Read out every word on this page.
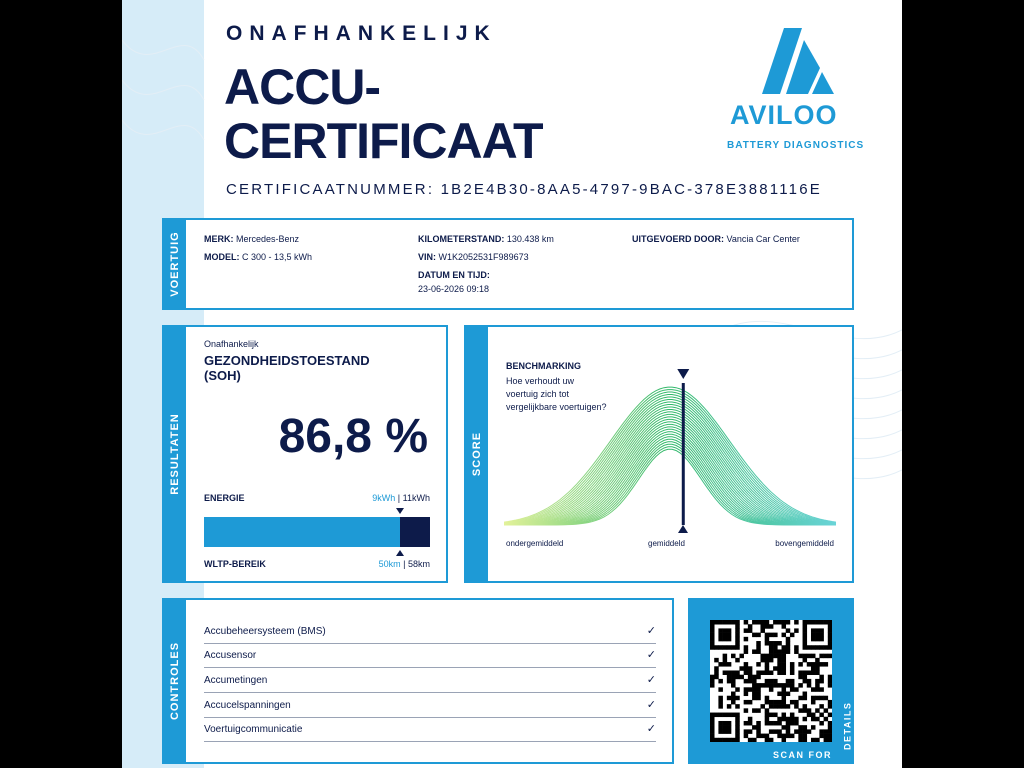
ONAFHANKELIJK
ACCU-
CERTIFICAAT
CERTIFICAATNUMMER: 1B2E4B30-8AA5-4797-9BAC-378E3881116E
AVILOO
BATTERY DIAGNOSTICS
VOERTUIG	MERK: Mercedes-Benz
MODEL: C 300 - 13,5 kWh
KILOMETERSTAND: 130.438 km
VIN: W1K2052531F989673
DATUM EN TIJD:
23-06-2026 09:18
UITGEVOERD DOOR: Vancia Car Center
RESULTATEN
Onafhankelijk
GEZONDHEIDSTOESTAND
(SOH)
86,8 %
ENERGIE	9kWh | 11kWh
WLTP-BEREIK	50km | 58km
SCORE
BENCHMARKING
Hoe verhoudt uw
voertuig zich tot
vergelijkbare voertuigen?
ondergemiddeld	gemiddeld	bovengemiddeld
CONTROLES
Accubeheersysteem (BMS)	✓
Accusensor	✓
Accumetingen	✓
Accucelspanningen	✓
Voertuigcommunicatie	✓
SCAN FOR
DETAILS
